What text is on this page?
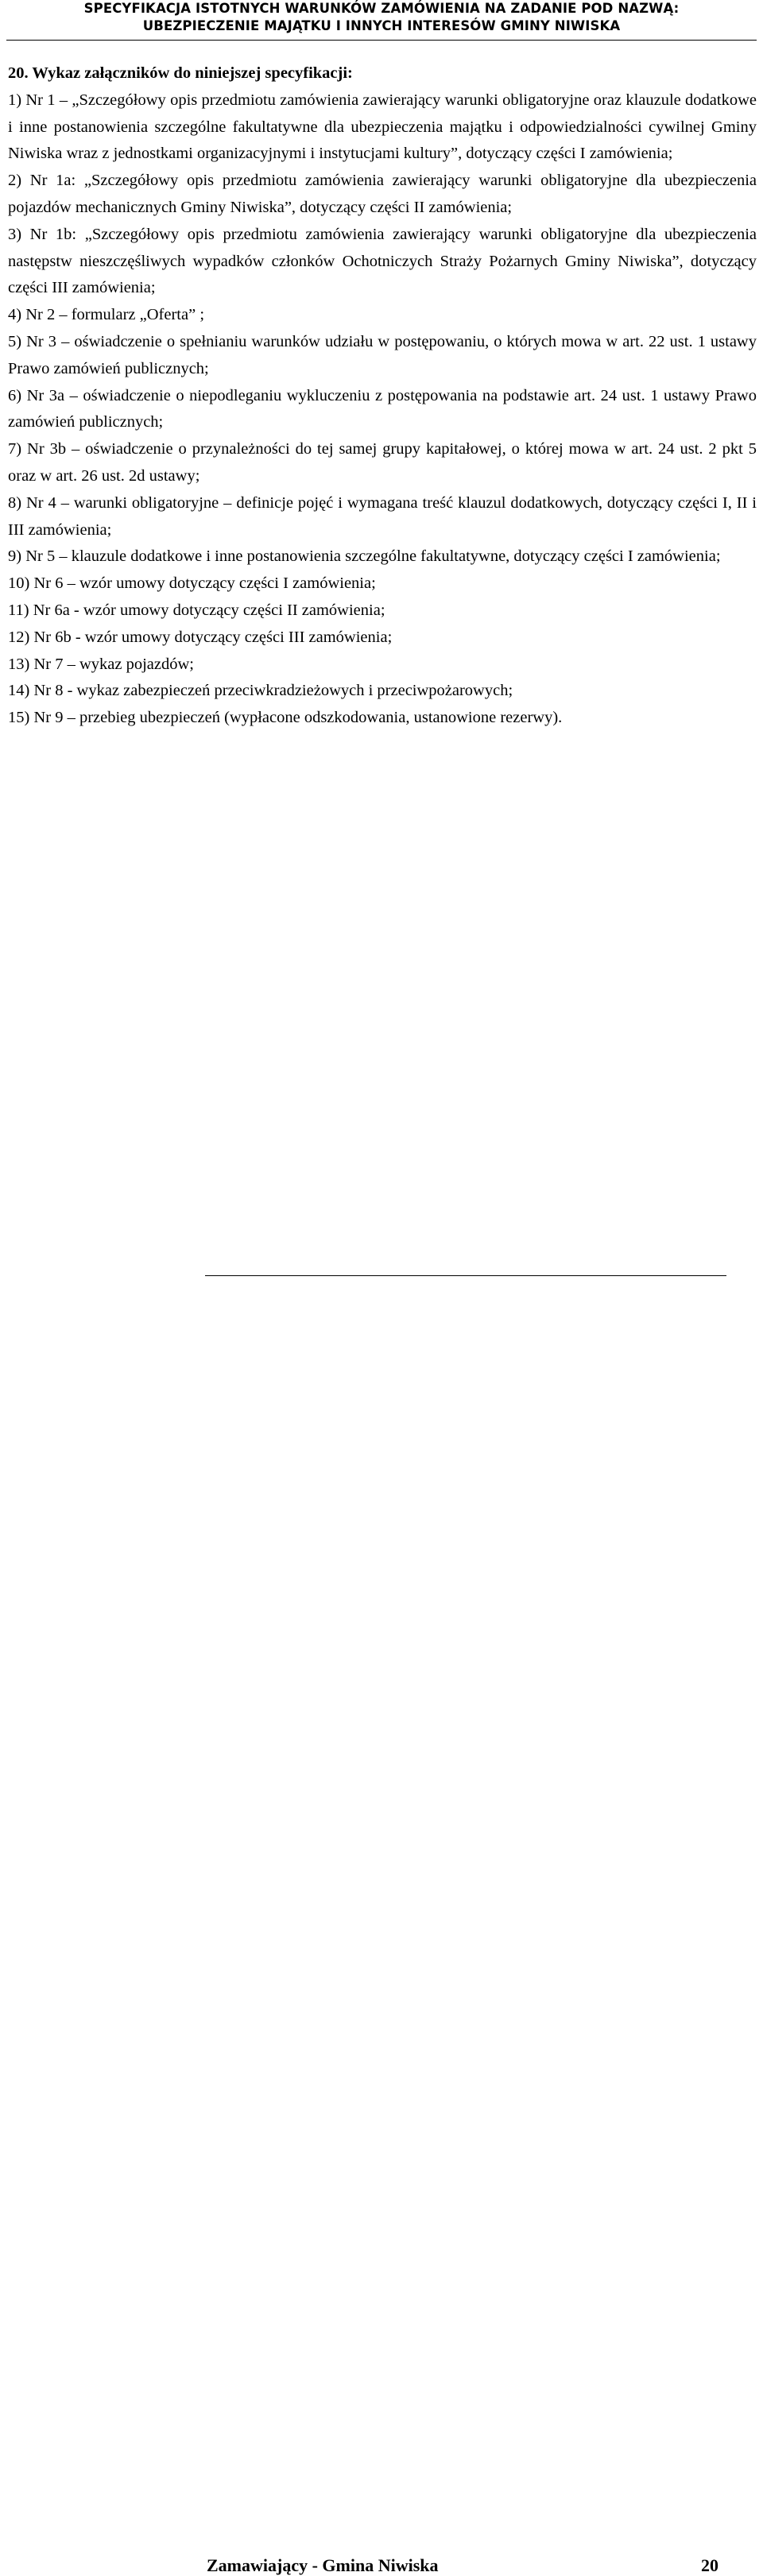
SPECYFIKACJA ISTOTNYCH WARUNKÓW ZAMÓWIENIA NA ZADANIE POD NAZWĄ:
UBEZPIECZENIE MAJĄTKU I INNYCH INTERESÓW GMINY NIWISKA

20. Wykaz załączników do niniejszej specyfikacji:

1) Nr 1 – „Szczegółowy opis przedmiotu zamówienia zawierający warunki obligatoryjne oraz klauzule dodatkowe i inne postanowienia szczególne fakultatywne dla ubezpieczenia majątku i odpowiedzialności cywilnej Gminy Niwiska wraz z jednostkami organizacyjnymi i instytucjami kultury”, dotyczący części I zamówienia;

2) Nr 1a: „Szczegółowy opis przedmiotu zamówienia zawierający warunki obligatoryjne dla ubezpieczenia pojazdów mechanicznych Gminy Niwiska”, dotyczący części II zamówienia;

3) Nr 1b: „Szczegółowy opis przedmiotu zamówienia zawierający warunki obligatoryjne dla ubezpieczenia następstw nieszczęśliwych wypadków członków Ochotniczych Straży Pożarnych Gminy Niwiska”, dotyczący części III zamówienia;

4) Nr 2 – formularz „Oferta” ;

5) Nr 3 – oświadczenie o spełnianiu warunków udziału w postępowaniu, o których mowa w art. 22 ust. 1 ustawy Prawo zamówień publicznych;

6) Nr 3a – oświadczenie o niepodleganiu wykluczeniu z postępowania na podstawie art. 24 ust. 1 ustawy Prawo zamówień publicznych;

7) Nr 3b – oświadczenie o przynależności do tej samej grupy kapitałowej, o której mowa w art. 24 ust. 2 pkt 5 oraz w art. 26 ust. 2d ustawy;

8) Nr 4 – warunki obligatoryjne – definicje pojęć i wymagana treść klauzul dodatkowych, dotyczący części I, II i III zamówienia;

9) Nr 5 – klauzule dodatkowe i inne postanowienia szczególne fakultatywne, dotyczący części I zamówienia;

10) Nr 6 – wzór umowy dotyczący części I zamówienia;

11) Nr 6a - wzór umowy dotyczący części II zamówienia;

12) Nr 6b - wzór umowy dotyczący części III zamówienia;

13) Nr 7 – wykaz pojazdów;

14) Nr 8 - wykaz zabezpieczeń przeciwkradzieżowych i przeciwpożarowych;

15) Nr 9 – przebieg ubezpieczeń (wypłacone odszkodowania, ustanowione rezerwy).

Zamawiający - Gmina Niwiska	20
